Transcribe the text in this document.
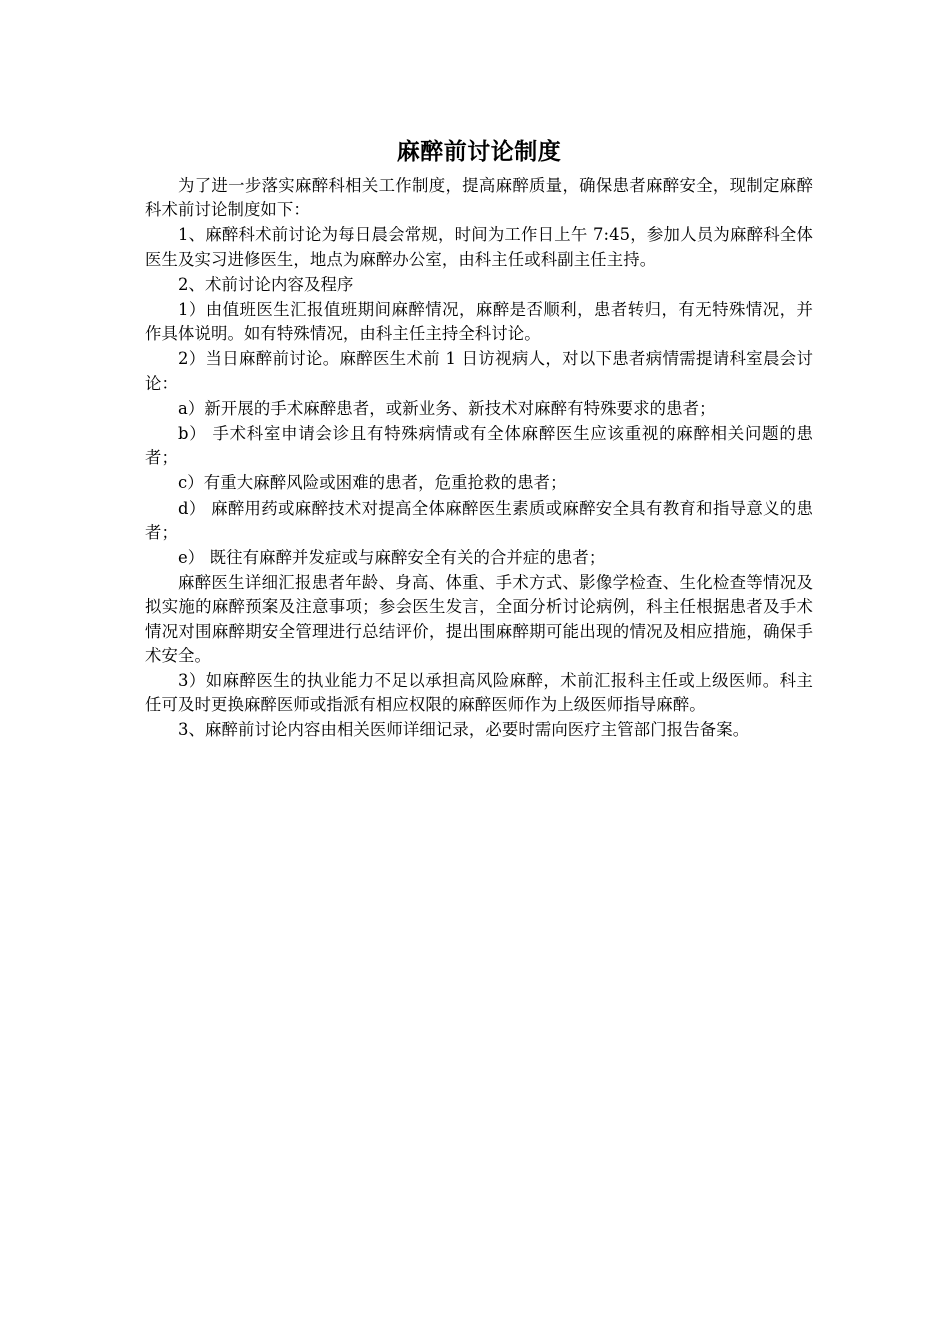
麻醉前讨论制度

为了进一步落实麻醉科相关工作制度，提高麻醉质量，确保患者麻醉安全，现制定麻醉科术前讨论制度如下：

1、麻醉科术前讨论为每日晨会常规，时间为工作日上午 7:45，参加人员为麻醉科全体医生及实习进修医生，地点为麻醉办公室，由科主任或科副主任主持。

2、术前讨论内容及程序

1）由值班医生汇报值班期间麻醉情况，麻醉是否顺利，患者转归，有无特殊情况，并作具体说明。如有特殊情况，由科主任主持全科讨论。

2）当日麻醉前讨论。麻醉医生术前 1 日访视病人，对以下患者病情需提请科室晨会讨论：

a）新开展的手术麻醉患者，或新业务、新技术对麻醉有特殊要求的患者；

b） 手术科室申请会诊且有特殊病情或有全体麻醉医生应该重视的麻醉相关问题的患者；

c）有重大麻醉风险或困难的患者，危重抢救的患者；

d） 麻醉用药或麻醉技术对提高全体麻醉医生素质或麻醉安全具有教育和指导意义的患者；

e） 既往有麻醉并发症或与麻醉安全有关的合并症的患者；

麻醉医生详细汇报患者年龄、身高、体重、手术方式、影像学检查、生化检查等情况及拟实施的麻醉预案及注意事项；参会医生发言，全面分析讨论病例，科主任根据患者及手术情况对围麻醉期安全管理进行总结评价，提出围麻醉期可能出现的情况及相应措施，确保手术安全。

3）如麻醉医生的执业能力不足以承担高风险麻醉，术前汇报科主任或上级医师。科主任可及时更换麻醉医师或指派有相应权限的麻醉医师作为上级医师指导麻醉。

3、麻醉前讨论内容由相关医师详细记录，必要时需向医疗主管部门报告备案。
